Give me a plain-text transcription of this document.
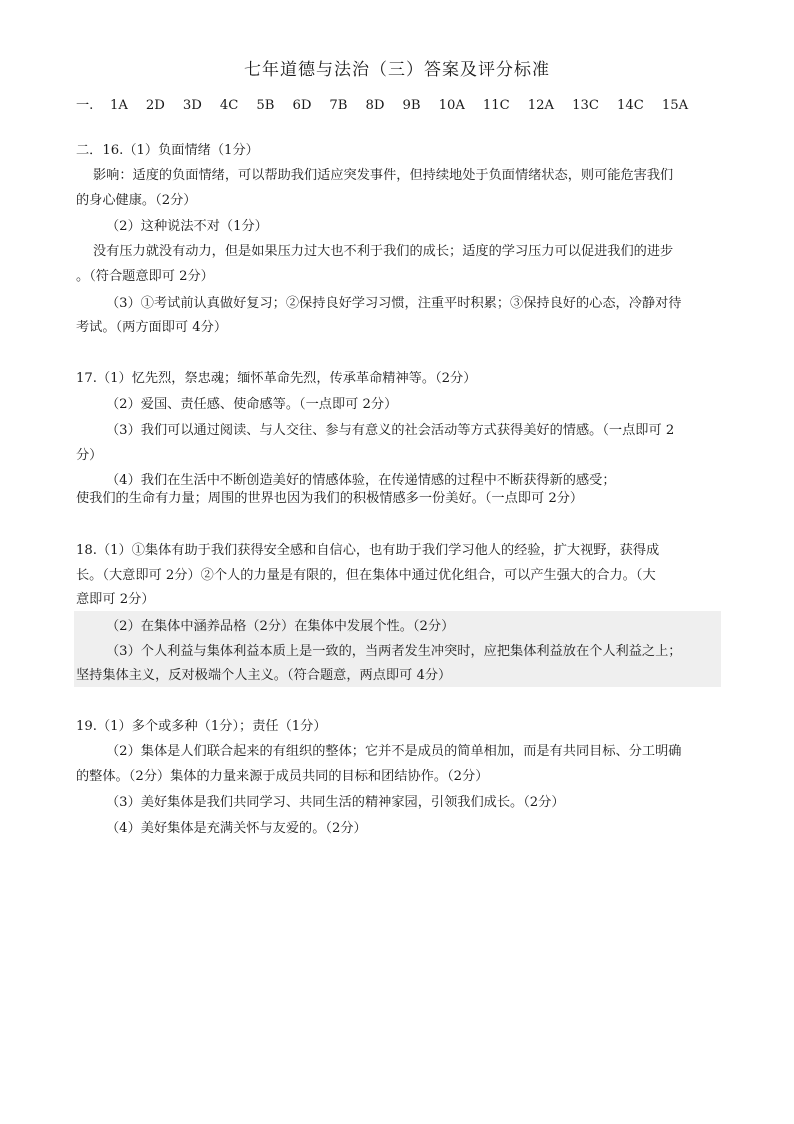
七年道德与法治（三）答案及评分标准
一. 1A 2D 3D 4C 5B 6D 7B 8D 9B 10A 11C 12A 13C 14C 15A
二．16.（1）负面情绪（1分）
影响：适度的负面情绪，可以帮助我们适应突发事件，但持续地处于负面情绪状态，则可能危害我们
的身心健康。（2分）
（2）这种说法不对（1分）
没有压力就没有动力，但是如果压力过大也不利于我们的成长；适度的学习压力可以促进我们的进步
。（符合题意即可 2分）
（3）①考试前认真做好复习；②保持良好学习习惯，注重平时积累；③保持良好的心态，冷静对待
考试。（两方面即可 4分）
17.（1）忆先烈，祭忠魂；缅怀革命先烈，传承革命精神等。（2分）
（2）爱国、责任感、使命感等。（一点即可 2分）
（3）我们可以通过阅读、与人交往、参与有意义的社会活动等方式获得美好的情感。（一点即可 2
分）
（4）我们在生活中不断创造美好的情感体验，在传递情感的过程中不断获得新的感受；
使我们的生命有力量；周围的世界也因为我们的积极情感多一份美好。（一点即可 2分）
18.（1）①集体有助于我们获得安全感和自信心，也有助于我们学习他人的经验，扩大视野，获得成
长。（大意即可 2分）②个人的力量是有限的，但在集体中通过优化组合，可以产生强大的合力。（大
意即可 2分）
（2）在集体中涵养品格（2分）在集体中发展个性。（2分）
（3）个人利益与集体利益本质上是一致的，当两者发生冲突时，应把集体利益放在个人利益之上；
坚持集体主义，反对极端个人主义。（符合题意，两点即可 4分）
19.（1）多个或多种（1分）；责任（1分）
（2）集体是人们联合起来的有组织的整体；它并不是成员的简单相加，而是有共同目标、分工明确
的整体。（2分）集体的力量来源于成员共同的目标和团结协作。（2分）
（3）美好集体是我们共同学习、共同生活的精神家园，引领我们成长。（2分）
（4）美好集体是充满关怀与友爱的。（2分）
